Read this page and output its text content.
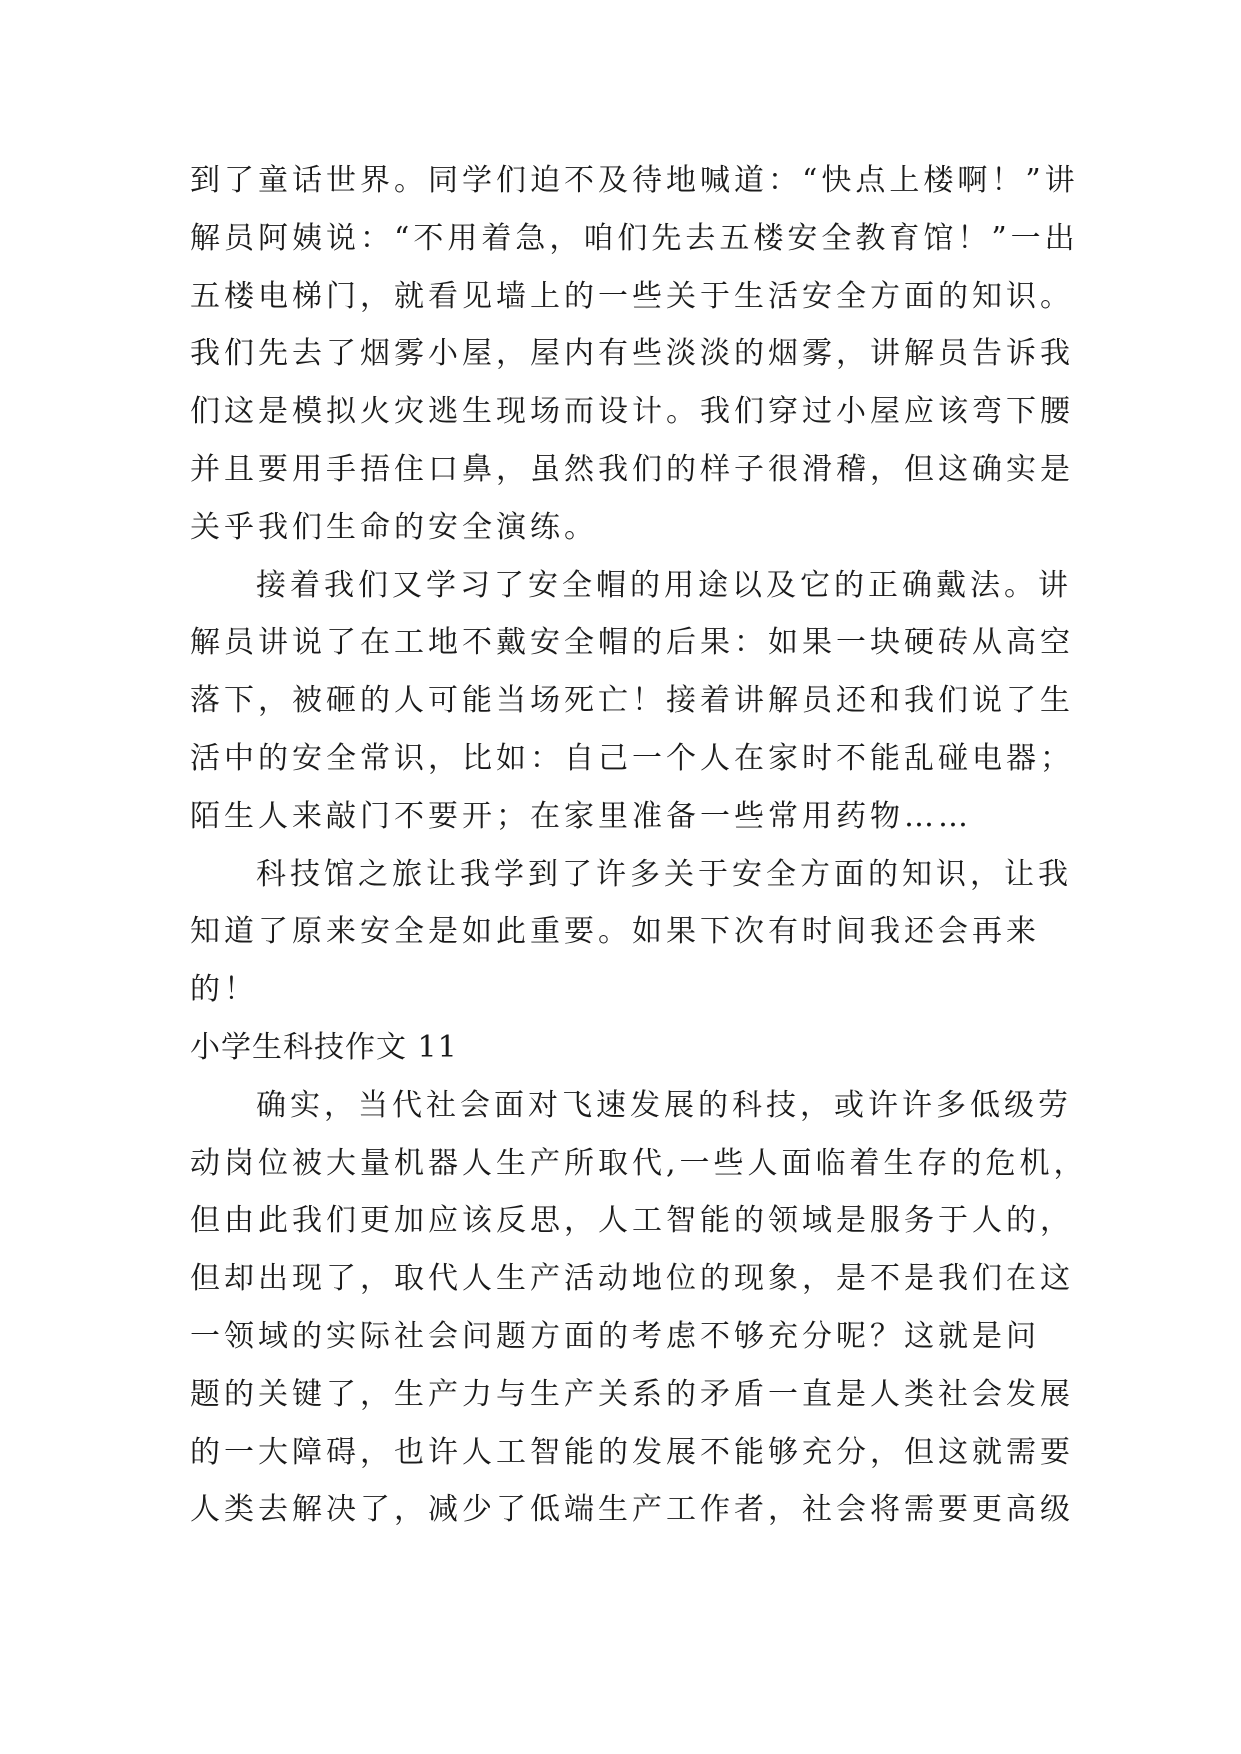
到了童话世界。同学们迫不及待地喊道：“快点上楼啊！”讲
解员阿姨说：“不用着急，咱们先去五楼安全教育馆！”一出
五楼电梯门，就看见墙上的一些关于生活安全方面的知识。
我们先去了烟雾小屋，屋内有些淡淡的烟雾，讲解员告诉我
们这是模拟火灾逃生现场而设计。我们穿过小屋应该弯下腰
并且要用手捂住口鼻，虽然我们的样子很滑稽，但这确实是
关乎我们生命的安全演练。
接着我们又学习了安全帽的用途以及它的正确戴法。讲
解员讲说了在工地不戴安全帽的后果：如果一块硬砖从高空
落下，被砸的人可能当场死亡！接着讲解员还和我们说了生
活中的安全常识，比如：自己一个人在家时不能乱碰电器；
陌生人来敲门不要开；在家里准备一些常用药物……
科技馆之旅让我学到了许多关于安全方面的知识，让我
知道了原来安全是如此重要。如果下次有时间我还会再来
的！
小学生科技作文 11
确实，当代社会面对飞速发展的科技，或许许多低级劳
动岗位被大量机器人生产所取代,一些人面临着生存的危机，
但由此我们更加应该反思，人工智能的领域是服务于人的，
但却出现了，取代人生产活动地位的现象，是不是我们在这
一领域的实际社会问题方面的考虑不够充分呢？这就是问
题的关键了，生产力与生产关系的矛盾一直是人类社会发展
的一大障碍，也许人工智能的发展不能够充分，但这就需要
人类去解决了，减少了低端生产工作者，社会将需要更高级
